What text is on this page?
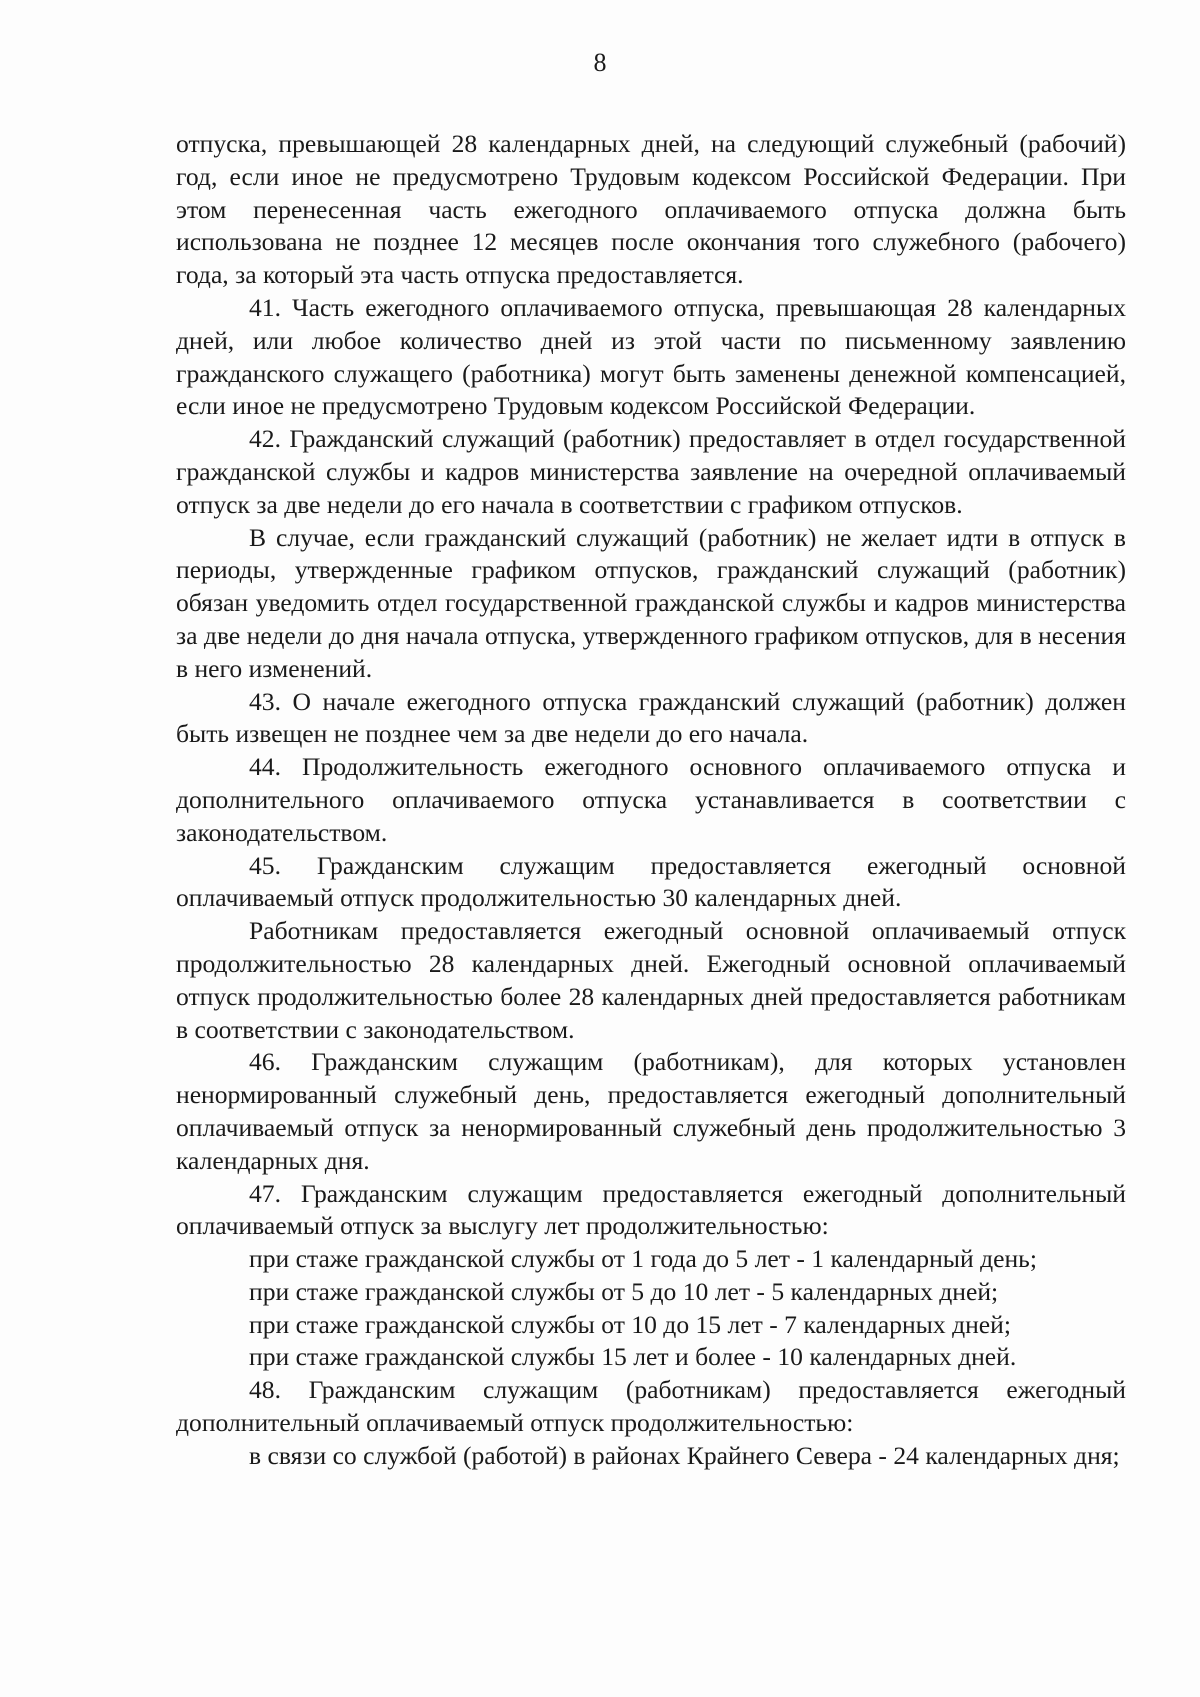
8

отпуска, превышающей 28 календарных дней, на следующий служебный (рабочий) год, если иное не предусмотрено Трудовым кодексом Российской Федерации. При этом перенесенная часть ежегодного оплачиваемого отпуска должна быть использована не позднее 12 месяцев после окончания того служебного (рабочего) года, за который эта часть отпуска предоставляется.

41. Часть ежегодного оплачиваемого отпуска, превышающая 28 календарных дней, или любое количество дней из этой части по письменному заявлению гражданского служащего (работника) могут быть заменены денежной компенсацией, если иное не предусмотрено Трудовым кодексом Российской Федерации.

42. Гражданский служащий (работник) предоставляет в отдел государственной гражданской службы и кадров министерства заявление на очередной оплачиваемый отпуск за две недели до его начала в соответствии с графиком отпусков.

В случае, если гражданский служащий (работник) не желает идти в отпуск в периоды, утвержденные графиком отпусков, гражданский служащий (работник) обязан уведомить отдел государственной гражданской службы и кадров министерства за две недели до дня начала отпуска, утвержденного графиком отпусков, для в несения в него изменений.

43. О начале ежегодного отпуска гражданский служащий (работник) должен быть извещен не позднее чем за две недели до его начала.

44. Продолжительность ежегодного основного оплачиваемого отпуска и дополнительного оплачиваемого отпуска устанавливается в соответствии с законодательством.

45. Гражданским служащим предоставляется ежегодный основной оплачиваемый отпуск продолжительностью 30 календарных дней.

Работникам предоставляется ежегодный основной оплачиваемый отпуск продолжительностью 28 календарных дней. Ежегодный основной оплачиваемый отпуск продолжительностью более 28 календарных дней предоставляется работникам в соответствии с законодательством.

46. Гражданским служащим (работникам), для которых установлен ненормированный служебный день, предоставляется ежегодный дополнительный оплачиваемый отпуск за ненормированный служебный день продолжительностью 3 календарных дня.

47. Гражданским служащим предоставляется ежегодный дополнительный оплачиваемый отпуск за выслугу лет продолжительностью:

при стаже гражданской службы от 1 года до 5 лет - 1 календарный день;

при стаже гражданской службы от 5 до 10 лет - 5 календарных дней;

при стаже гражданской службы от 10 до 15 лет - 7 календарных дней;

при стаже гражданской службы 15 лет и более - 10 календарных дней.

48. Гражданским служащим (работникам) предоставляется ежегодный дополнительный оплачиваемый отпуск продолжительностью:

в связи со службой (работой) в районах Крайнего Севера - 24 календарных дня;
